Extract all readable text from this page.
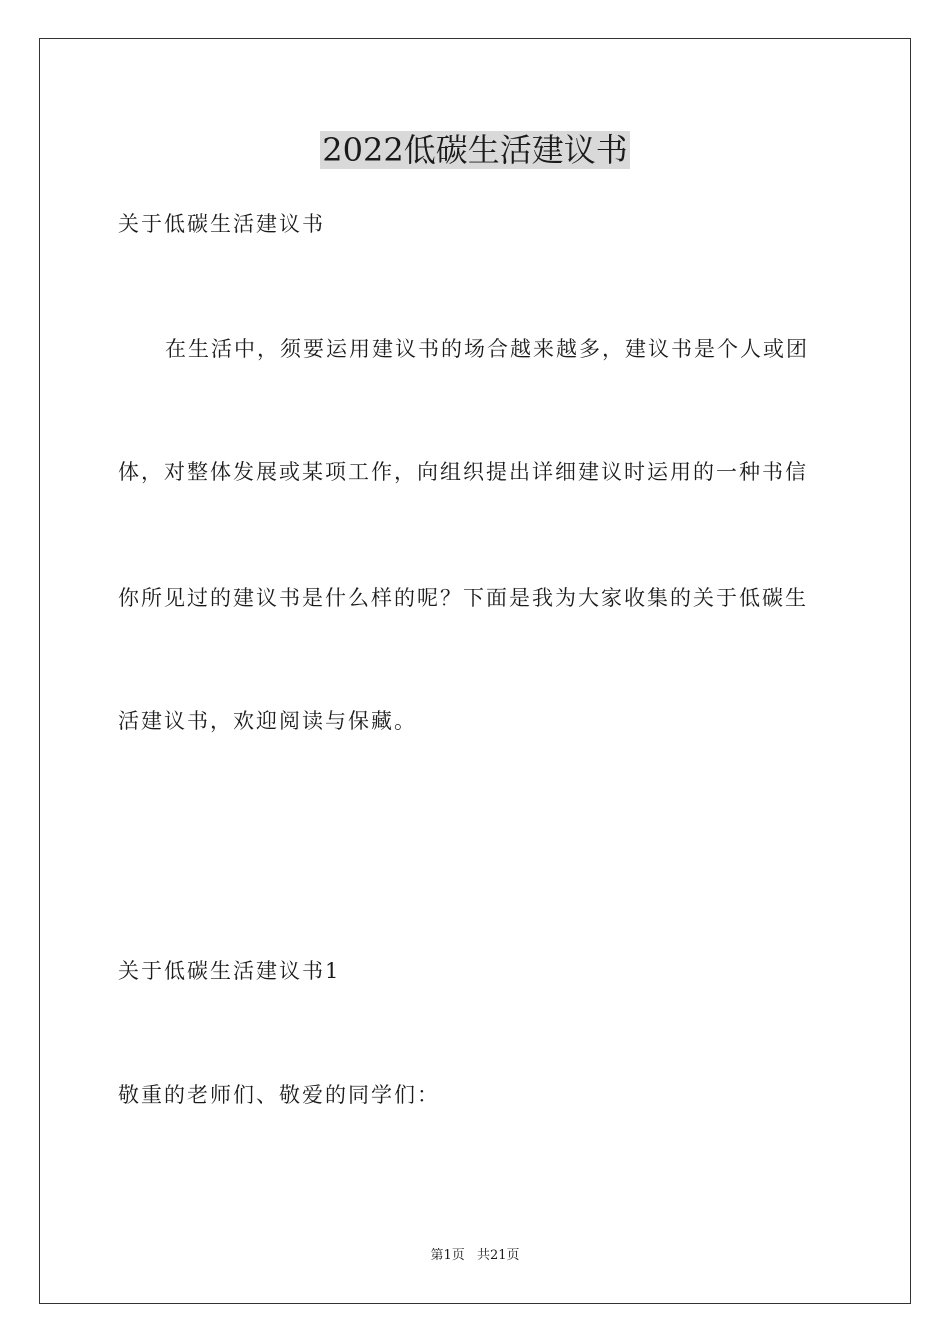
2022低碳生活建议书
关于低碳生活建议书
在生活中，须要运用建议书的场合越来越多，建议书是个人或团
体，对整体发展或某项工作，向组织提出详细建议时运用的一种书信
你所见过的建议书是什么样的呢？下面是我为大家收集的关于低碳生
活建议书，欢迎阅读与保藏。
关于低碳生活建议书1
敬重的老师们、敬爱的同学们：
第1页 共21页
